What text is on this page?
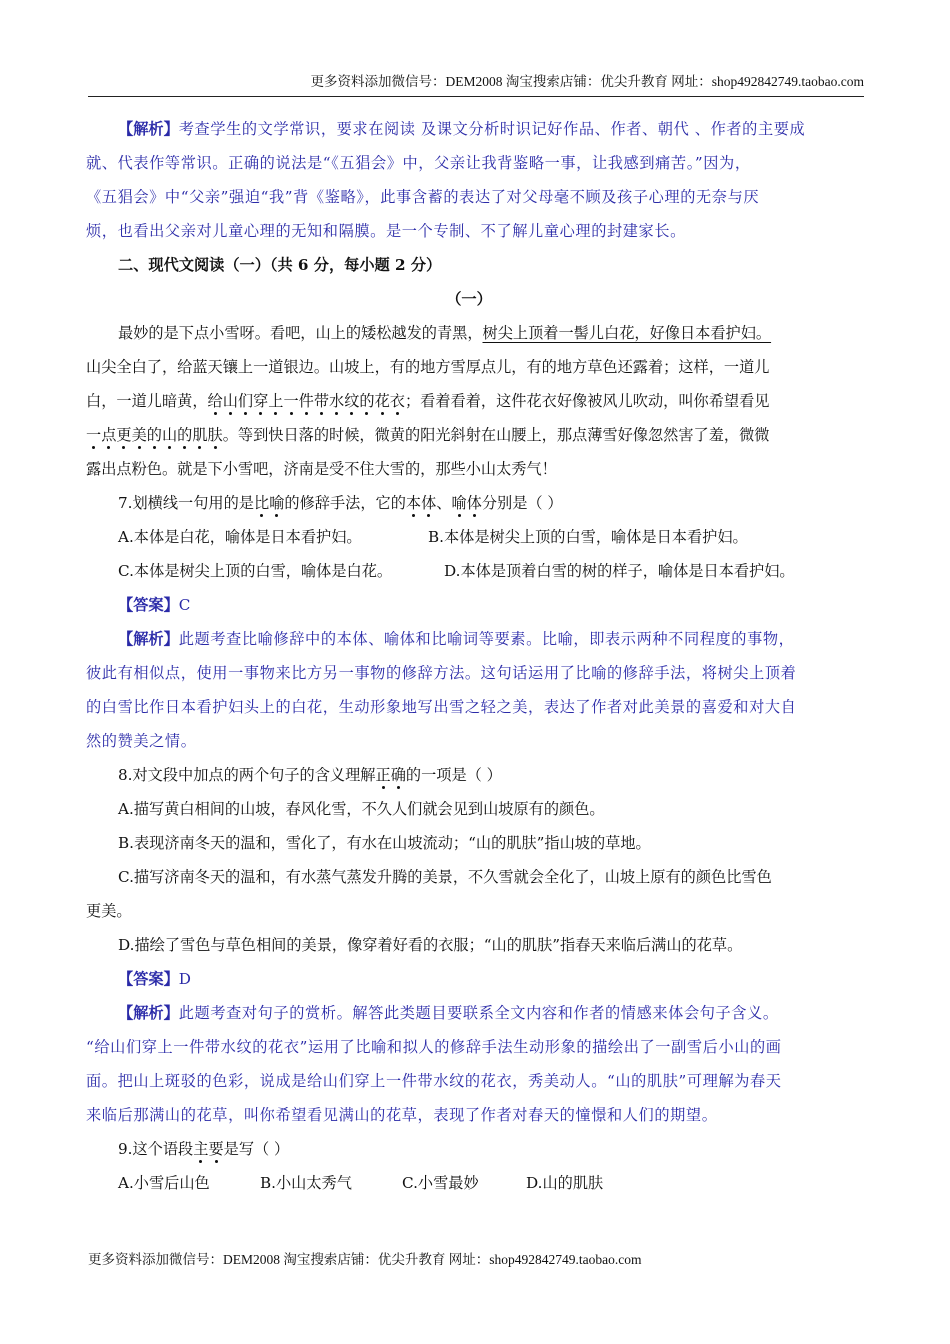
更多资料添加微信号：DEM2008 淘宝搜索店铺：优尖升教育 网址：shop492842749.taobao.com
【解析】考查学生的文学常识，要求在阅读 及课文分析时识记好作品、作者、朝代 、作者的主要成
就、代表作等常识。正确的说法是“《五猖会》中，父亲让我背鉴略一事，让我感到痛苦。”因为，
《五猖会》中“父亲”强迫“我”背《鉴略》，此事含蓄的表达了对父母毫不顾及孩子心理的无奈与厌
烦，也看出父亲对儿童心理的无知和隔膜。是一个专制、不了解儿童心理的封建家长。
二、现代文阅读（一）（共 6 分，每小题 2 分）
（一）
最妙的是下点小雪呀。看吧，山上的矮松越发的青黑，树尖上顶着一髻儿白花，好像日本看护妇。
山尖全白了，给蓝天镶上一道银边。山坡上，有的地方雪厚点儿，有的地方草色还露着；这样，一道儿
白，一道儿暗黄，给山们穿上一件带水纹的花衣；看着看着，这件花衣好像被风儿吹动，叫你希望看见
一点更美的山的肌肤。等到快日落的时候，微黄的阳光斜射在山腰上，那点薄雪好像忽然害了羞，微微
露出点粉色。就是下小雪吧，济南是受不住大雪的，那些小山太秀气！
7.划横线一句用的是比喻的修辞手法，它的本体、喻体分别是（ ）
A.本体是白花，喻体是日本看护妇。	B.本体是树尖上顶的白雪，喻体是日本看护妇。
C.本体是树尖上顶的白雪，喻体是白花。	D.本体是顶着白雪的树的样子，喻体是日本看护妇。
【答案】C
【解析】此题考查比喻修辞中的本体、喻体和比喻词等要素。比喻，即表示两种不同程度的事物，
彼此有相似点，使用一事物来比方另一事物的修辞方法。这句话运用了比喻的修辞手法，将树尖上顶着
的白雪比作日本看护妇头上的白花，生动形象地写出雪之轻之美，表达了作者对此美景的喜爱和对大自
然的赞美之情。
8.对文段中加点的两个句子的含义理解正确的一项是（ ）
A.描写黄白相间的山坡，春风化雪，不久人们就会见到山坡原有的颜色。
B.表现济南冬天的温和，雪化了，有水在山坡流动；“山的肌肤”指山坡的草地。
C.描写济南冬天的温和，有水蒸气蒸发升腾的美景，不久雪就会全化了，山坡上原有的颜色比雪色
更美。
D.描绘了雪色与草色相间的美景，像穿着好看的衣服；“山的肌肤”指春天来临后满山的花草。
【答案】D
【解析】此题考查对句子的赏析。解答此类题目要联系全文内容和作者的情感来体会句子含义。
“给山们穿上一件带水纹的花衣”运用了比喻和拟人的修辞手法生动形象的描绘出了一副雪后小山的画
面。把山上斑驳的色彩，说成是给山们穿上一件带水纹的花衣，秀美动人。“山的肌肤”可理解为春天
来临后那满山的花草，叫你希望看见满山的花草，表现了作者对春天的憧憬和人们的期望。
9.这个语段主要是写（ ）
A.小雪后山色	B.小山太秀气	C.小雪最妙	D.山的肌肤
更多资料添加微信号：DEM2008 淘宝搜索店铺：优尖升教育 网址：shop492842749.taobao.com
